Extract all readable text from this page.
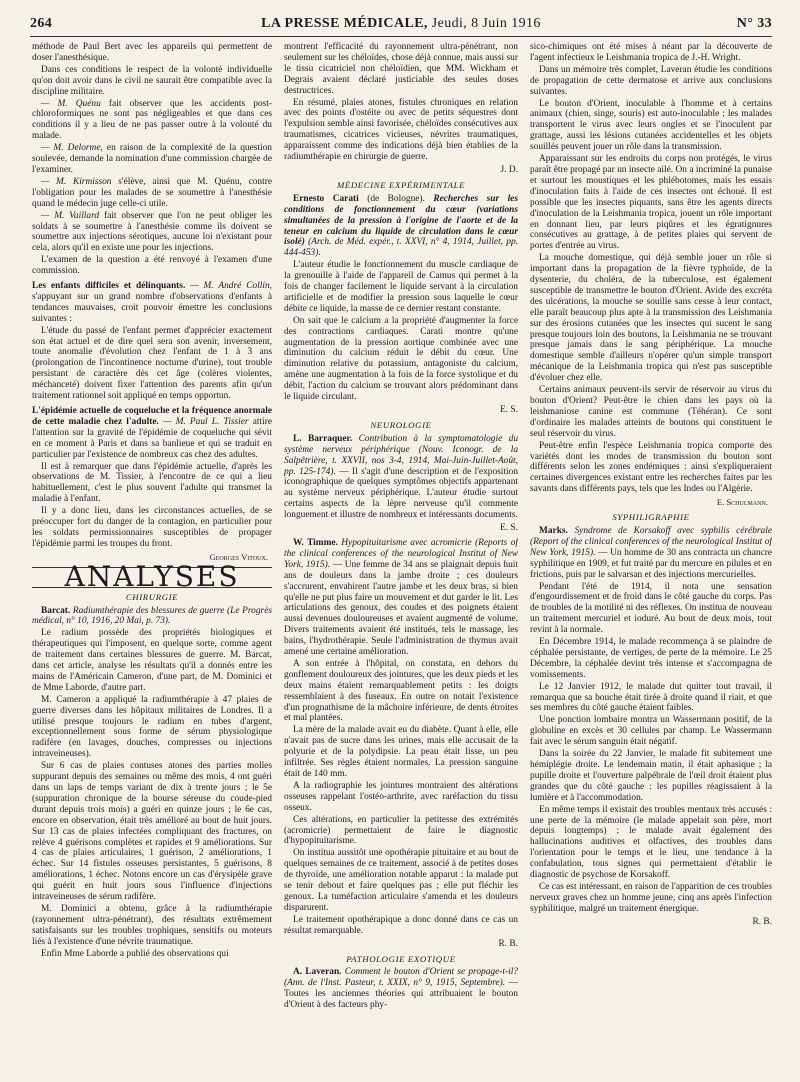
264	LA PRESSE MÉDICALE, Jeudi, 8 Juin 1916	N° 33

méthode de Paul Bert avec les appareils qui permettent de doser l'anesthésique.

Dans ces conditions le respect de la volonté individuelle qu'on doit avoir dans le civil ne saurait être compatible avec la discipline militaire.

— M. Quénu fait observer que les accidents post-chloroformiques ne sont pas négligeables et que dans ces conditions il y a lieu de ne pas passer outre à la volonté du malade.

— M. Delorme, en raison de la complexité de la question soulevée, demande la nomination d'une commission chargée de l'examiner.

— M. Kirmisson s'élève, ainsi que M. Quénu, contre l'obligation pour les malades de se soumettre à l'anesthésie quand le médecin juge celle-ci utile.

— M. Vaillard fait observer que l'on ne peut obliger les soldats à se soumettre à l'anesthésie comme ils doivent se soumettre aux injections sérotiques, aucune loi n'existant pour cela, alors qu'il en existe une pour les injections.

L'examen de la question a été renvoyé à l'examen d'une commission.

Les enfants difficiles et délinquants. — M. André Collin, s'appuyant sur un grand nombre d'observations d'enfants à tendances mauvaises, croit pouvoir émettre les conclusions suivantes :

L'étude du passé de l'enfant permet d'apprécier exactement son état actuel et de dire quel sera son avenir, inversement, toute anomalie d'évolution chez l'enfant de 1 à 3 ans (prolongation de l'incontinence nocturne d'urine), tout trouble persistant de caractère dès cet âge (colères violentes, méchanceté) doivent fixer l'attention des parents afin qu'un traitement rationnel soit appliqué en temps opportun.

L'épidémie actuelle de coqueluche et la fréquence anormale de cette maladie chez l'adulte. — M. Paul L. Tissier attire l'attention sur la gravité de l'épidémie de coqueluche qui sévit en ce moment à Paris et dans sa banlieue et qui se traduit en particulier par l'existence de nombreux cas chez des adultes.

Il est à remarquer que dans l'épidémie actuelle, d'après les observations de M. Tissier, à l'encontre de ce qui a lieu habituellement, c'est le plus souvent l'adulte qui transmet la maladie à l'enfant.

Il y a donc lieu, dans les circonstances actuelles, de se préoccuper fort du danger de la contagion, en particulier pour les soldats permissionnaires susceptibles de propager l'épidémie parmi les troupes du front.

Georges Vitoux.
ANALYSES
CHIRURGIE

Barcat. Radiumthérapie des blessures de guerre (Le Progrès médical, n° 10, 1916, 20 Mai, p. 73).

Le radium possède des propriétés biologiques et thérapeutiques qui l'imposent, en quelque sorte, comme agent de traitement dans certaines blessures de guerre. M. Barcat, dans cet article, analyse les résultats qu'il a donnés entre les mains de l'Américain Cameron, d'une part, de M. Dominici et de Mme Laborde, d'autre part.

M. Cameron a appliqué la radiumthérapie à 47 plaies de guerre diverses dans les hôpitaux militaires de Londres. Il a utilisé presque toujours le radium en tubes d'argent, exceptionnellement sous forme de sérum physiologique radifère (en lavages, douches, compresses ou injections intraveineuses).

Sur 6 cas de plaies contuses atones des parties molles suppurant depuis des semaines ou même des mois, 4 ont guéri dans un laps de temps variant de dix à trente jours ; le 5e (suppuration chronique de la bourse séreuse du coude-pied durant depuis trois mois) a guéri en quinze jours ; le 6e cas, encore en observation, était très amélioré au bout de huit jours. Sur 13 cas de plaies infectées compliquant des fractures, on relève 4 guérisons complètes et rapides et 9 améliorations. Sur 4 cas de plaies articulaires, 1 guérison, 2 améliorations, 1 échec. Sur 14 fistules osseuses persistantes, 5 guérisons, 8 améliorations, 1 échec. Notons encore un cas d'érysipèle grave qui guérit en huit jours sous l'influence d'injections intraveineuses de sérum radifère.

M. Dominici a obtenu, grâce à la radiumthérapie (rayonnement ultra-pénétrant), des résultats extrêmement satisfaisants sur les troubles trophiques, sensitifs ou moteurs liés à l'existence d'une névrite traumatique.

Enfin Mme Laborde a publié des observations qui

montrent l'efficacité du rayonnement ultra-pénétrant, non seulement sur les chéloïdes, chose déjà connue, mais aussi sur le tissu cicatriciel non chéloïdien, que MM. Wickham et Degrais avaient déclaré justiciable des seules doses destructrices.

En résumé, plaies atones, fistules chroniques en relation avec des points d'ostéite ou avec de petits séquestres dont l'expulsion semble ainsi favorisée, chéloïdes consécutives aux traumatismes, cicatrices vicieuses, névrites traumatiques, apparaissent comme des indications déjà bien établies de la radiumthérapie en chirurgie de guerre.

J. D.
MÉDECINE EXPÉRIMENTALE

Ernesto Carati (de Bologne). Recherches sur les conditions de fonctionnement du cœur (variations simultanées de la pression à l'origine de l'aorte et de la teneur en calcium du liquide de circulation dans le cœur isolé) (Arch. de Méd. expér., t. XXVI, n° 4, 1914, Juillet, pp. 444-453).

L'auteur étudie le fonctionnement du muscle cardiaque de la grenouille à l'aide de l'appareil de Camus qui permet à la fois de changer facilement le liquide servant à la circulation artificielle et de modifier la pression sous laquelle le cœur débite ce liquide, la masse de ce dernier restant constante.

On sait que le calcium a la propriété d'augmenter la force des contractions cardiaques. Carati montre qu'une augmentation de la pression aortique combinée avec une diminution du calcium réduit le débit du cœur. Une diminution relative du potassium, antagoniste du calcium, amène une augmentation à la fois de la force systolique et du débit, l'action du calcium se trouvant alors prédominant dans le liquide circulant.

E. S.
NEUROLOGIE

L. Barraquer. Contribution à la symptomatologie du système nerveux périphérique (Nouv. Iconogr. de la Salpêtrière, t. XXVII, nos 3-4, 1914, Mai-Juin-Juillet-Août, pp. 125-174). — Il s'agit d'une description et de l'exposition iconographique de quelques symptômes objectifs appartenant au système nerveux périphérique. L'auteur étudie surtout certains aspects de la lèpre nerveuse qu'il commente longuement et illustre de nombreux et intéressants documents.

E. S.

W. Timme. Hypopituitarisme avec acromicrie (Reports of the clinical conferences of the neurological Institut of New York, 1915). — Une femme de 34 ans se plaignait depuis huit ans de douleurs dans la jambe droite ; ces douleurs s'accrurent, envahirent l'autre jambe et les deux bras, si bien qu'elle ne put plus faire un mouvement et dut garder le lit. Les articulations des genoux, des coudes et des poignets étaient aussi devenues douloureuses et avaient augmenté de volume. Divers traitements avaient été institués, tels le massage, les bains, l'hydrothérapie. Seule l'administration de thymus avait amené une certaine amélioration.

A son entrée à l'hôpital, on constata, en dehors du gonflement douloureux des jointures, que les deux pieds et les deux mains étaient remarquablement petits : les doigts ressemblaient à des fuseaux. En outre on notait l'existence d'un prognathisme de la mâchoire inférieure, de dents étroites et mal plantées.

La mère de la malade avait eu du diabète. Quant à elle, elle n'avait pas de sucre dans les urines, mais elle accusait de la polyurie et de la polydipsie. La peau était lisse, un peu infiltrée. Ses règles étaient normales. La pression sanguine était de 140 mm.

A la radiographie les jointures montraient des altérations osseuses rappelant l'ostéo-arthrite, avec raréfaction du tissu osseux.

Ces altérations, en particulier la petitesse des extrémités (acromicrie) permettaient de faire le diagnostic d'hypopituitarisme.

On institua aussitôt une opothérapie pituitaire et au bout de quelques semaines de ce traitement, associé à de petites doses de thyroïde, une amélioration notable apparut : la malade put se tenir debout et faire quelques pas ; elle put fléchir les genoux. La tuméfaction articulaire s'amenda et les douleurs disparurent.

Le traitement opothérapique a donc donné dans ce cas un résultat remarquable.

R. B.
PATHOLOGIE EXOTIQUE

A. Laveran. Comment le bouton d'Orient se propage-t-il? (Ann. de l'Inst. Pasteur, t. XXIX, n° 9, 1915, Septembre). — Toutes les anciennes théories qui attribuaient le bouton d'Orient à des facteurs phy-

sico-chimiques ont été mises à néant par la découverte de l'agent infectieux le Leishmania tropica de J.-H. Wright.

Dans un mémoire très complet, Laveran étudie les conditions de propagation de cette dermatose et arrive aux conclusions suivantes.

Le bouton d'Orient, inoculable à l'homme et à certains animaux (chien, singe, souris) est auto-inoculable ; les malades transportent le virus avec leurs ongles et se l'inoculent par grattage, aussi les lésions cutanées accidentelles et les objets souillés peuvent jouer un rôle dans la transmission.

Apparaissant sur les endroits du corps non protégés, le virus paraît être propagé par un insecte ailé. On a incriminé la punaise et surtout les moustiques et les phlébotomes, mais les essais d'inoculation faits à l'aide de ces insectes ont échoué. Il est possible que les insectes piquants, sans être les agents directs d'inoculation de la Leishmania tropica, jouent un rôle important en donnant lieu, par leurs piqûres et les égratignures consécutives au grattage, à de petites plaies qui servent de portes d'entrée au virus.

La mouche domestique, qui déjà semble jouer un rôle si important dans la propagation de la fièvre typhoïde, de la dysenterie, du choléra, de la tuberculose, est également susceptible de transmettre le bouton d'Orient. Avide des excréta des ulcérations, la mouche se souille sans cesse à leur contact, elle paraît beaucoup plus apte à la transmission des Leishmania sur des érosions cutanées que les insectes qui sucent le sang presque toujours loin des boutons, la Leishmania ne se trouvant presque jamais dans le sang périphérique. La mouche domestique semble d'ailleurs n'opérer qu'un simple transport mécanique de la Leishmania tropica qui n'est pas susceptible d'évoluer chez elle.

Certains animaux peuvent-ils servir de réservoir au virus du bouton d'Orient? Peut-être le chien dans les pays où la leishmaniose canine est commune (Téhéran). Ce sont d'ordinaire les malades atteints de boutons qui constituent le seul réservoir du virus.

Peut-être enfin l'espèce Leishmania tropica comporte des variétés dont les modes de transmission du bouton sont différents selon les zones endémiques : ainsi s'expliqueraient certaines divergences existant entre les recherches faites par les savants dans différents pays, tels que les Indes ou l'Algérie.

E. Schulmann.
SYPHILIGRAPHIE

Marks. Syndrome de Korsakoff avec syphilis cérébrale (Report of the clinical conferences of the neurological Institut of New York, 1915). — Un homme de 30 ans contracta un chancre syphilitique en 1909, et fut traité par du mercure en pilules et en frictions, puis par le salvarsan et des injections mercurielles.

Pendant l'été de 1914, il nota une sensation d'engourdissement et de froid dans le côté gauche du corps. Pas de troubles de la motilité ni des réflexes. On institua de nouveau un traitement mercuriel et ioduré. Au bout de deux mois, tout revint à la normale.

En Décembre 1914, le malade recommença à se plaindre de céphalée persistante, de vertiges, de perte de la mémoire. Le 25 Décembre, la céphalée devint très intense et s'accompagna de vomissements.

Le 12 Janvier 1912, le malade dut quitter tout travail, il remarqua que sa bouche était tirée à droite quand il riait, et que ses membres du côté gauche étaient faibles.

Une ponction lombaire montra un Wassermann positif, de la globuline en excès et 30 cellules par champ. Le Wassermann fait avec le sérum sanguin était négatif.

Dans la soirée du 22 Janvier, le malade fit subitement une hémiplégie droite. Le lendemain matin, il était aphasique ; la pupille droite et l'ouverture palpébrale de l'œil droit étaient plus grandes que du côté gauche : les pupilles réagissaient à la lumière et à l'accommodation.

En même temps il existait des troubles mentaux très accusés : une perte de la mémoire (le malade appelait son père, mort depuis longtemps) ; le malade avait également des hallucinations auditives et olfactives, des troubles dans l'orientation pour le temps et le lieu, une tendance à la confabulation, tous signes qui permettaient d'établir le diagnostic de psychose de Korsakoff.

Ce cas est intéressant, en raison de l'apparition de ces troubles nerveux graves chez un homme jeune, cinq ans après l'infection syphilitique, malgré un traitement énergique.

R. B.
